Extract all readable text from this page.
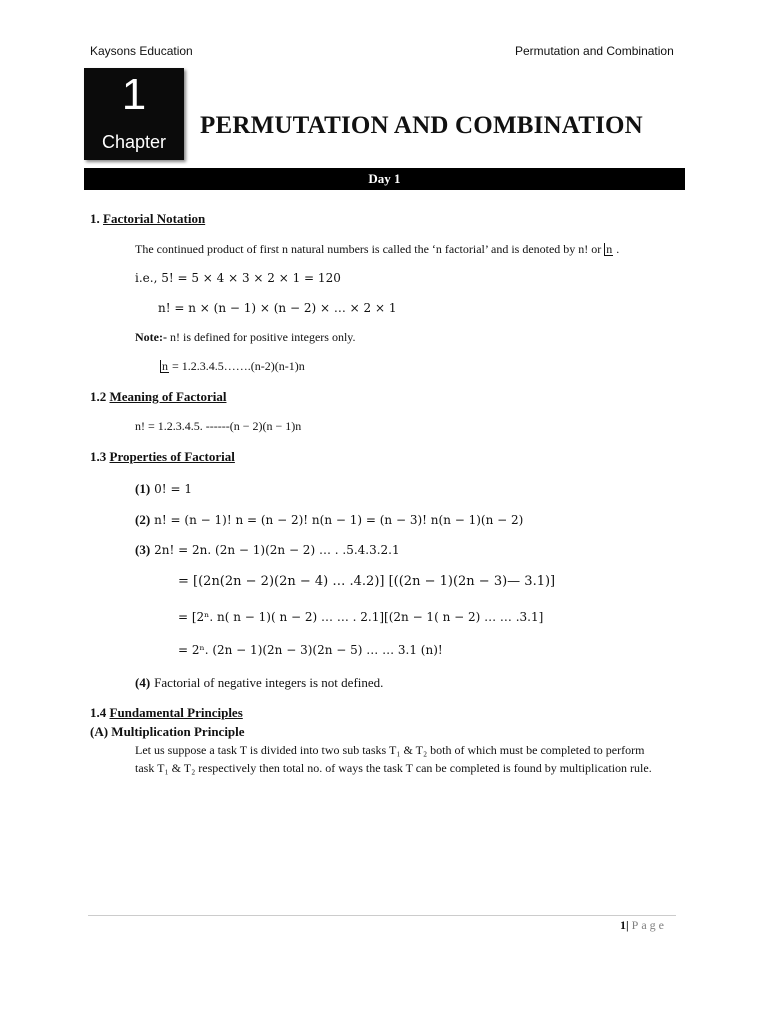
Kaysons Education	Permutation and Combination
1
Chapter
PERMUTATION AND COMBINATION
Day 1
1. Factorial Notation
The continued product of first n natural numbers is called the ‘n factorial’ and is denoted by n! or n .
i.e., 5! = 5 × 4 × 3 × 2 × 1 = 120
n! = n × (n − 1) × (n − 2) × … × 2 × 1
Note:- n! is defined for positive integers only.
n = 1.2.3.4.5…….(n-2)(n-1)n
1.2 Meaning of Factorial
n! = 1.2.3.4.5. ------(n − 2)(n − 1)n
1.3 Properties of Factorial
(1) 0! = 1
(2) n! = (n − 1)! n = (n − 2)! n(n − 1) = (n − 3)! n(n − 1)(n − 2)
(3) 2n! = 2n. (2n − 1)(2n − 2) … . .5.4.3.2.1
= [(2n(2n − 2)(2n − 4) … .4.2)] [((2n − 1)(2n − 3)— 3.1)]
= [2ⁿ. n( n − 1)( n − 2) … … . 2.1][(2n − 1( n − 2) … … .3.1]
= 2ⁿ. (2n − 1)(2n − 3)(2n − 5) … … 3.1 (n)!
(4) Factorial of negative integers is not defined.
1.4 Fundamental Principles
(A) Multiplication Principle
Let us suppose a task T is divided into two sub tasks T₁ & T₂ both of which must be completed to perform
task T₁ & T₂ respectively then total no. of ways the task T can be completed is found by multiplication rule.
1| Page
